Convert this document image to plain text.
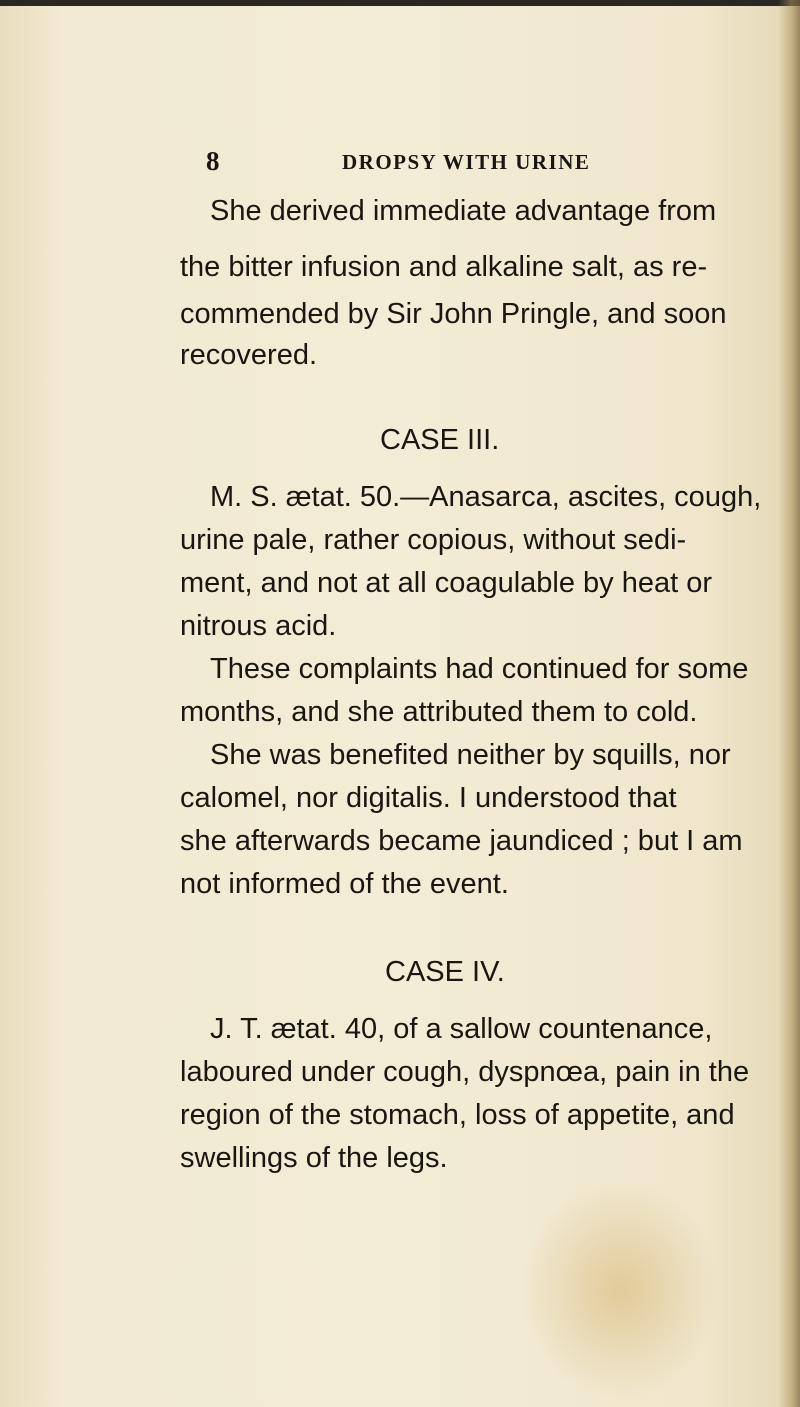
8	DROPSY WITH URINE
She derived immediate advantage from
the bitter infusion and alkaline salt, as re-
commended by Sir John Pringle, and soon
recovered.
CASE III.
M. S. ætat. 50.—Anasarca, ascites, cough,
urine pale, rather copious, without sedi-
ment, and not at all coagulable by heat or
nitrous acid.
These complaints had continued for some
months, and she attributed them to cold.
She was benefited neither by squills, nor
calomel, nor digitalis. I understood that
she afterwards became jaundiced ; but I am
not informed of the event.
CASE IV.
J. T. ætat. 40, of a sallow countenance,
laboured under cough, dyspnœa, pain in the
region of the stomach, loss of appetite, and
swellings of the legs.
